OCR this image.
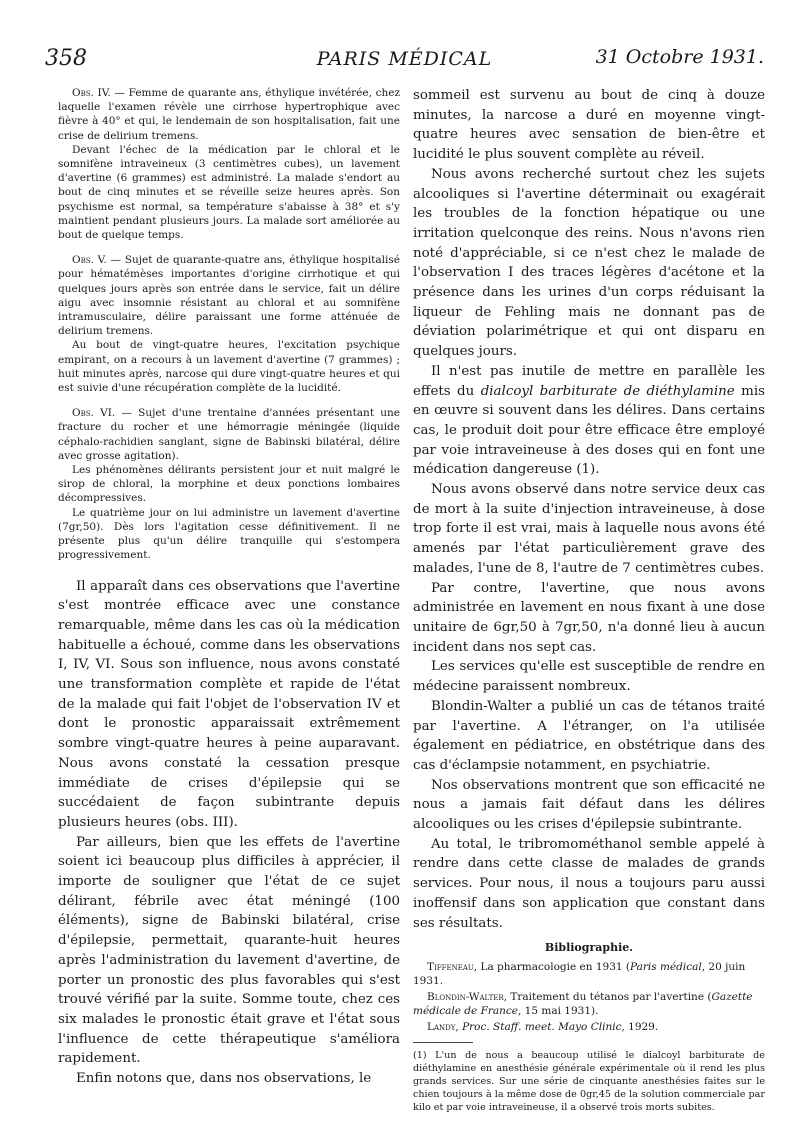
358	PARIS MÉDICAL	31 Octobre 1931.

Obs. IV. — Femme de quarante ans, éthylique invétérée, chez laquelle l'examen révèle une cirrhose hypertrophique avec fièvre à 40° et qui, le lendemain de son hospitalisation, fait une crise de delirium tremens.

Devant l'échec de la médication par le chloral et le somnifène intraveineux (3 centimètres cubes), un lavement d'avertine (6 grammes) est administré. La malade s'endort au bout de cinq minutes et se réveille seize heures après. Son psychisme est normal, sa température s'abaisse à 38° et s'y maintient pendant plusieurs jours. La malade sort améliorée au bout de quelque temps.

Obs. V. — Sujet de quarante-quatre ans, éthylique hospitalisé pour hématémèses importantes d'origine cirrhotique et qui quelques jours après son entrée dans le service, fait un délire aigu avec insomnie résistant au chloral et au somnifène intramusculaire, délire paraissant une forme atténuée de delirium tremens.

Au bout de vingt-quatre heures, l'excitation psychique empirant, on a recours à un lavement d'avertine (7 grammes) ; huit minutes après, narcose qui dure vingt-quatre heures et qui est suivie d'une récupération complète de la lucidité.

Obs. VI. — Sujet d'une trentaine d'années présentant une fracture du rocher et une hémorragie méningée (liquide céphalo-rachidien sanglant, signe de Babinski bilatéral, délire avec grosse agitation).

Les phénomènes délirants persistent jour et nuit malgré le sirop de chloral, la morphine et deux ponctions lombaires décompressives.

Le quatrième jour on lui administre un lavement d'avertine (7gr,50). Dès lors l'agitation cesse définitivement. Il ne présente plus qu'un délire tranquille qui s'estompera progressivement.

Il apparaît dans ces observations que l'avertine s'est montrée efficace avec une constance remarquable, même dans les cas où la médication habituelle a échoué, comme dans les observations I, IV, VI. Sous son influence, nous avons constaté une transformation complète et rapide de l'état de la malade qui fait l'objet de l'observation IV et dont le pronostic apparaissait extrêmement sombre vingt-quatre heures à peine auparavant. Nous avons constaté la cessation presque immédiate de crises d'épilepsie qui se succédaient de façon subintrante depuis plusieurs heures (obs. III).

Par ailleurs, bien que les effets de l'avertine soient ici beaucoup plus difficiles à apprécier, il importe de souligner que l'état de ce sujet délirant, fébrile avec état méningé (100 éléments), signe de Babinski bilatéral, crise d'épilepsie, permettait, quarante-huit heures après l'administration du lavement d'avertine, de porter un pronostic des plus favorables qui s'est trouvé vérifié par la suite. Somme toute, chez ces six malades le pronostic était grave et l'état sous l'influence de cette thérapeutique s'améliora rapidement.

Enfin notons que, dans nos observations, le

sommeil est survenu au bout de cinq à douze minutes, la narcose a duré en moyenne vingt-quatre heures avec sensation de bien-être et lucidité le plus souvent complète au réveil.

Nous avons recherché surtout chez les sujets alcooliques si l'avertine déterminait ou exagérait les troubles de la fonction hépatique ou une irritation quelconque des reins. Nous n'avons rien noté d'appréciable, si ce n'est chez le malade de l'observation I des traces légères d'acétone et la présence dans les urines d'un corps réduisant la liqueur de Fehling mais ne donnant pas de déviation polarimétrique et qui ont disparu en quelques jours.

Il n'est pas inutile de mettre en parallèle les effets du dialcoyl barbiturate de diéthylamine mis en œuvre si souvent dans les délires. Dans certains cas, le produit doit pour être efficace être employé par voie intraveineuse à des doses qui en font une médication dangereuse (1).

Nous avons observé dans notre service deux cas de mort à la suite d'injection intraveineuse, à dose trop forte il est vrai, mais à laquelle nous avons été amenés par l'état particulièrement grave des malades, l'une de 8, l'autre de 7 centimètres cubes.

Par contre, l'avertine, que nous avons administrée en lavement en nous fixant à une dose unitaire de 6gr,50 à 7gr,50, n'a donné lieu à aucun incident dans nos sept cas.

Les services qu'elle est susceptible de rendre en médecine paraissent nombreux.

Blondin-Walter a publié un cas de tétanos traité par l'avertine. A l'étranger, on l'a utilisée également en pédiatrice, en obstétrique dans des cas d'éclampsie notamment, en psychiatrie.

Nos observations montrent que son efficacité ne nous a jamais fait défaut dans les délires alcooliques ou les crises d'épilepsie subintrante.

Au total, le tribromométhanol semble appelé à rendre dans cette classe de malades de grands services. Pour nous, il nous a toujours paru aussi inoffensif dans son application que constant dans ses résultats.

Bibliographie.

Tiffeneau, La pharmacologie en 1931 (Paris médical, 20 juin 1931.

Blondin-Walter, Traitement du tétanos par l'avertine (Gazette médicale de France, 15 mai 1931).

Landy, Proc. Staff. meet. Mayo Clinic, 1929.

(1) L'un de nous a beaucoup utilisé le dialcoyl barbiturate de diéthylamine en anesthésie générale expérimentale où il rend les plus grands services. Sur une série de cinquante anesthésies faites sur le chien toujours à la même dose de 0gr,45 de la solution commerciale par kilo et par voie intraveineuse, il a observé trois morts subites.
